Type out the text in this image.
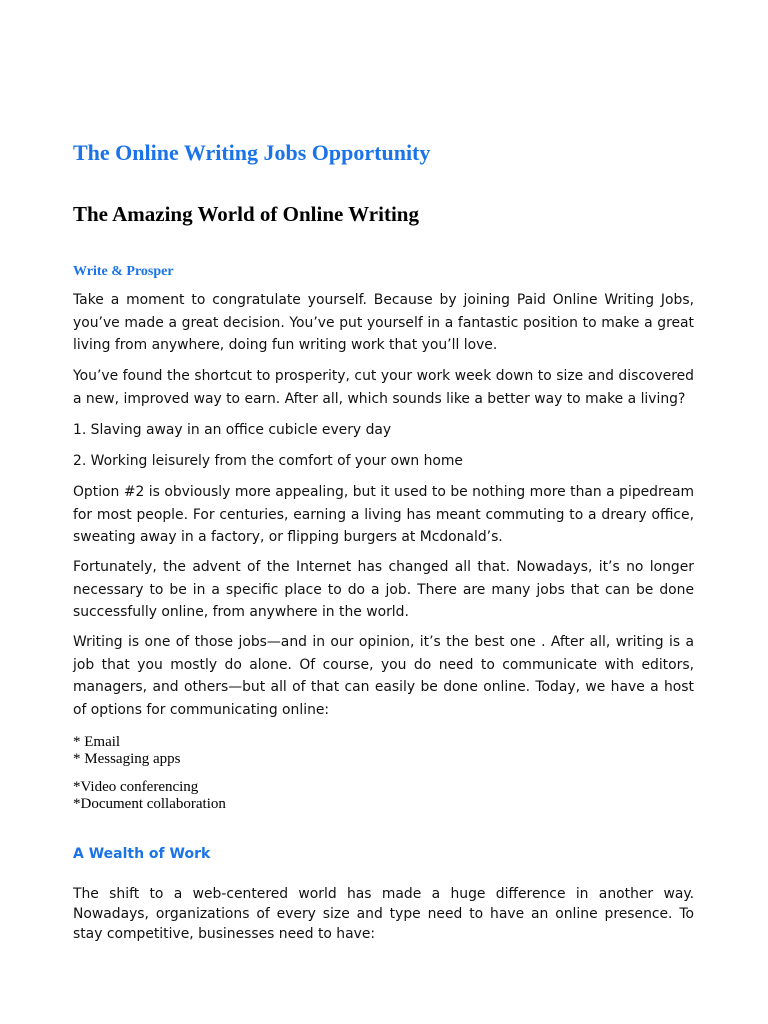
The Online Writing Jobs Opportunity
The Amazing World of Online Writing
Write & Prosper

Take a moment to congratulate yourself. Because by joining Paid Online Writing Jobs, you’ve made a great decision. You’ve put yourself in a fantastic position to make a great living from anywhere, doing fun writing work that you’ll love.

You’ve found the shortcut to prosperity, cut your work week down to size and discovered a new, improved way to earn. After all, which sounds like a better way to make a living?

1. Slaving away in an office cubicle every day

2. Working leisurely from the comfort of your own home

Option #2 is obviously more appealing, but it used to be nothing more than a pipedream for most people. For centuries, earning a living has meant commuting to a dreary office, sweating away in a factory, or flipping burgers at Mcdonald’s.

Fortunately, the advent of the Internet has changed all that. Nowadays, it’s no longer necessary to be in a specific place to do a job. There are many jobs that can be done successfully online, from anywhere in the world.

Writing is one of those jobs—and in our opinion, it’s the best one . After all, writing is a job that you mostly do alone. Of course, you do need to communicate with editors, managers, and others—but all of that can easily be done online. Today, we have a host of options for communicating online:

* Email
* Messaging apps
*Video conferencing
*Document collaboration
A Wealth of Work

The shift to a web-centered world has made a huge difference in another way. Nowadays, organizations of every size and type need to have an online presence. To stay competitive, businesses need to have:
